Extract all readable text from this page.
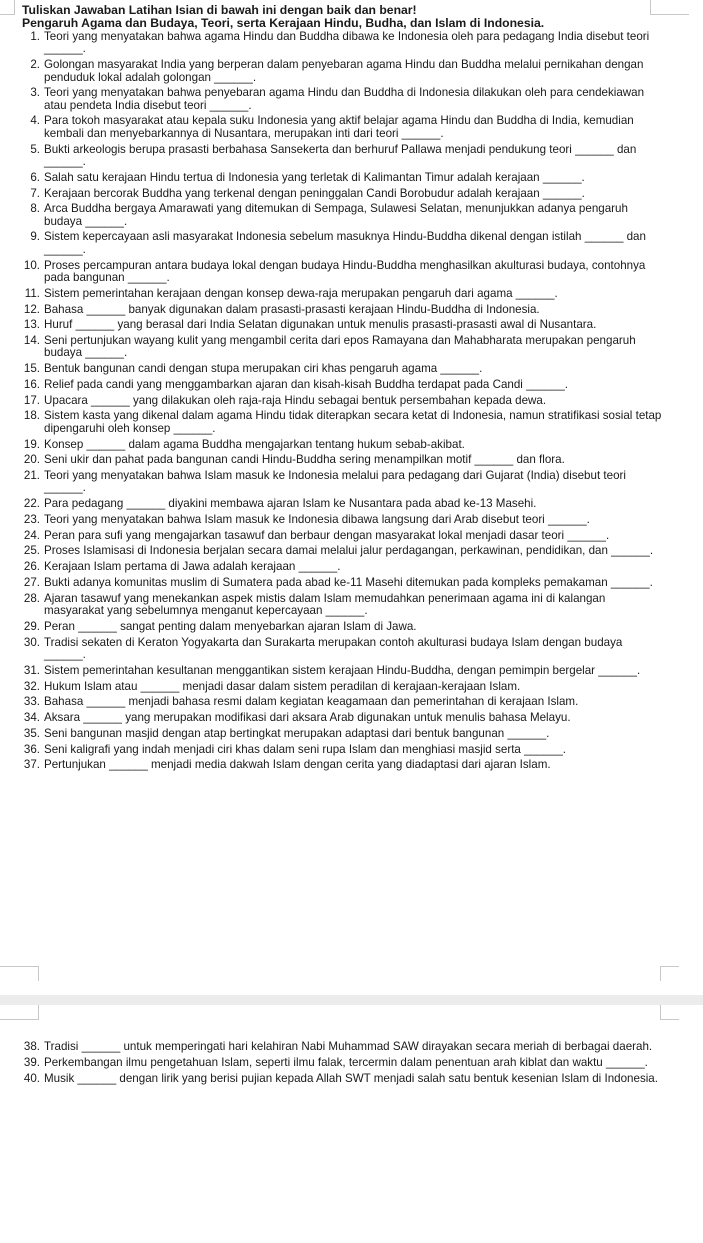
Tuliskan Jawaban Latihan Isian di bawah ini dengan baik dan benar!
Pengaruh Agama dan Budaya, Teori, serta Kerajaan Hindu, Budha, dan Islam di Indonesia.
1. Teori yang menyatakan bahwa agama Hindu dan Buddha dibawa ke Indonesia oleh para pedagang India disebut teori ______.
2. Golongan masyarakat India yang berperan dalam penyebaran agama Hindu dan Buddha melalui pernikahan dengan penduduk lokal adalah golongan ______.
3. Teori yang menyatakan bahwa penyebaran agama Hindu dan Buddha di Indonesia dilakukan oleh para cendekiawan atau pendeta India disebut teori ______.
4. Para tokoh masyarakat atau kepala suku Indonesia yang aktif belajar agama Hindu dan Buddha di India, kemudian kembali dan menyebarkannya di Nusantara, merupakan inti dari teori ______.
5. Bukti arkeologis berupa prasasti berbahasa Sansekerta dan berhuruf Pallawa menjadi pendukung teori ______ dan ______.
6. Salah satu kerajaan Hindu tertua di Indonesia yang terletak di Kalimantan Timur adalah kerajaan ______.
7. Kerajaan bercorak Buddha yang terkenal dengan peninggalan Candi Borobudur adalah kerajaan ______.
8. Arca Buddha bergaya Amarawati yang ditemukan di Sempaga, Sulawesi Selatan, menunjukkan adanya pengaruh budaya ______.
9. Sistem kepercayaan asli masyarakat Indonesia sebelum masuknya Hindu-Buddha dikenal dengan istilah ______ dan ______.
10. Proses percampuran antara budaya lokal dengan budaya Hindu-Buddha menghasilkan akulturasi budaya, contohnya pada bangunan ______.
11. Sistem pemerintahan kerajaan dengan konsep dewa-raja merupakan pengaruh dari agama ______.
12. Bahasa ______ banyak digunakan dalam prasasti-prasasti kerajaan Hindu-Buddha di Indonesia.
13. Huruf ______ yang berasal dari India Selatan digunakan untuk menulis prasasti-prasasti awal di Nusantara.
14. Seni pertunjukan wayang kulit yang mengambil cerita dari epos Ramayana dan Mahabharata merupakan pengaruh budaya ______.
15. Bentuk bangunan candi dengan stupa merupakan ciri khas pengaruh agama ______.
16. Relief pada candi yang menggambarkan ajaran dan kisah-kisah Buddha terdapat pada Candi ______.
17. Upacara ______ yang dilakukan oleh raja-raja Hindu sebagai bentuk persembahan kepada dewa.
18. Sistem kasta yang dikenal dalam agama Hindu tidak diterapkan secara ketat di Indonesia, namun stratifikasi sosial tetap dipengaruhi oleh konsep ______.
19. Konsep ______ dalam agama Buddha mengajarkan tentang hukum sebab-akibat.
20. Seni ukir dan pahat pada bangunan candi Hindu-Buddha sering menampilkan motif ______ dan flora.
21. Teori yang menyatakan bahwa Islam masuk ke Indonesia melalui para pedagang dari Gujarat (India) disebut teori ______.
22. Para pedagang ______ diyakini membawa ajaran Islam ke Nusantara pada abad ke-13 Masehi.
23. Teori yang menyatakan bahwa Islam masuk ke Indonesia dibawa langsung dari Arab disebut teori ______.
24. Peran para sufi yang mengajarkan tasawuf dan berbaur dengan masyarakat lokal menjadi dasar teori ______.
25. Proses Islamisasi di Indonesia berjalan secara damai melalui jalur perdagangan, perkawinan, pendidikan, dan ______.
26. Kerajaan Islam pertama di Jawa adalah kerajaan ______.
27. Bukti adanya komunitas muslim di Sumatera pada abad ke-11 Masehi ditemukan pada kompleks pemakaman ______.
28. Ajaran tasawuf yang menekankan aspek mistis dalam Islam memudahkan penerimaan agama ini di kalangan masyarakat yang sebelumnya menganut kepercayaan ______.
29. Peran ______ sangat penting dalam menyebarkan ajaran Islam di Jawa.
30. Tradisi sekaten di Keraton Yogyakarta dan Surakarta merupakan contoh akulturasi budaya Islam dengan budaya ______.
31. Sistem pemerintahan kesultanan menggantikan sistem kerajaan Hindu-Buddha, dengan pemimpin bergelar ______.
32. Hukum Islam atau ______ menjadi dasar dalam sistem peradilan di kerajaan-kerajaan Islam.
33. Bahasa ______ menjadi bahasa resmi dalam kegiatan keagamaan dan pemerintahan di kerajaan Islam.
34. Aksara ______ yang merupakan modifikasi dari aksara Arab digunakan untuk menulis bahasa Melayu.
35. Seni bangunan masjid dengan atap bertingkat merupakan adaptasi dari bentuk bangunan ______.
36. Seni kaligrafi yang indah menjadi ciri khas dalam seni rupa Islam dan menghiasi masjid serta ______.
37. Pertunjukan ______ menjadi media dakwah Islam dengan cerita yang diadaptasi dari ajaran Islam.
38. Tradisi ______ untuk memperingati hari kelahiran Nabi Muhammad SAW dirayakan secara meriah di berbagai daerah.
39. Perkembangan ilmu pengetahuan Islam, seperti ilmu falak, tercermin dalam penentuan arah kiblat dan waktu ______.
40. Musik ______ dengan lirik yang berisi pujian kepada Allah SWT menjadi salah satu bentuk kesenian Islam di Indonesia.
